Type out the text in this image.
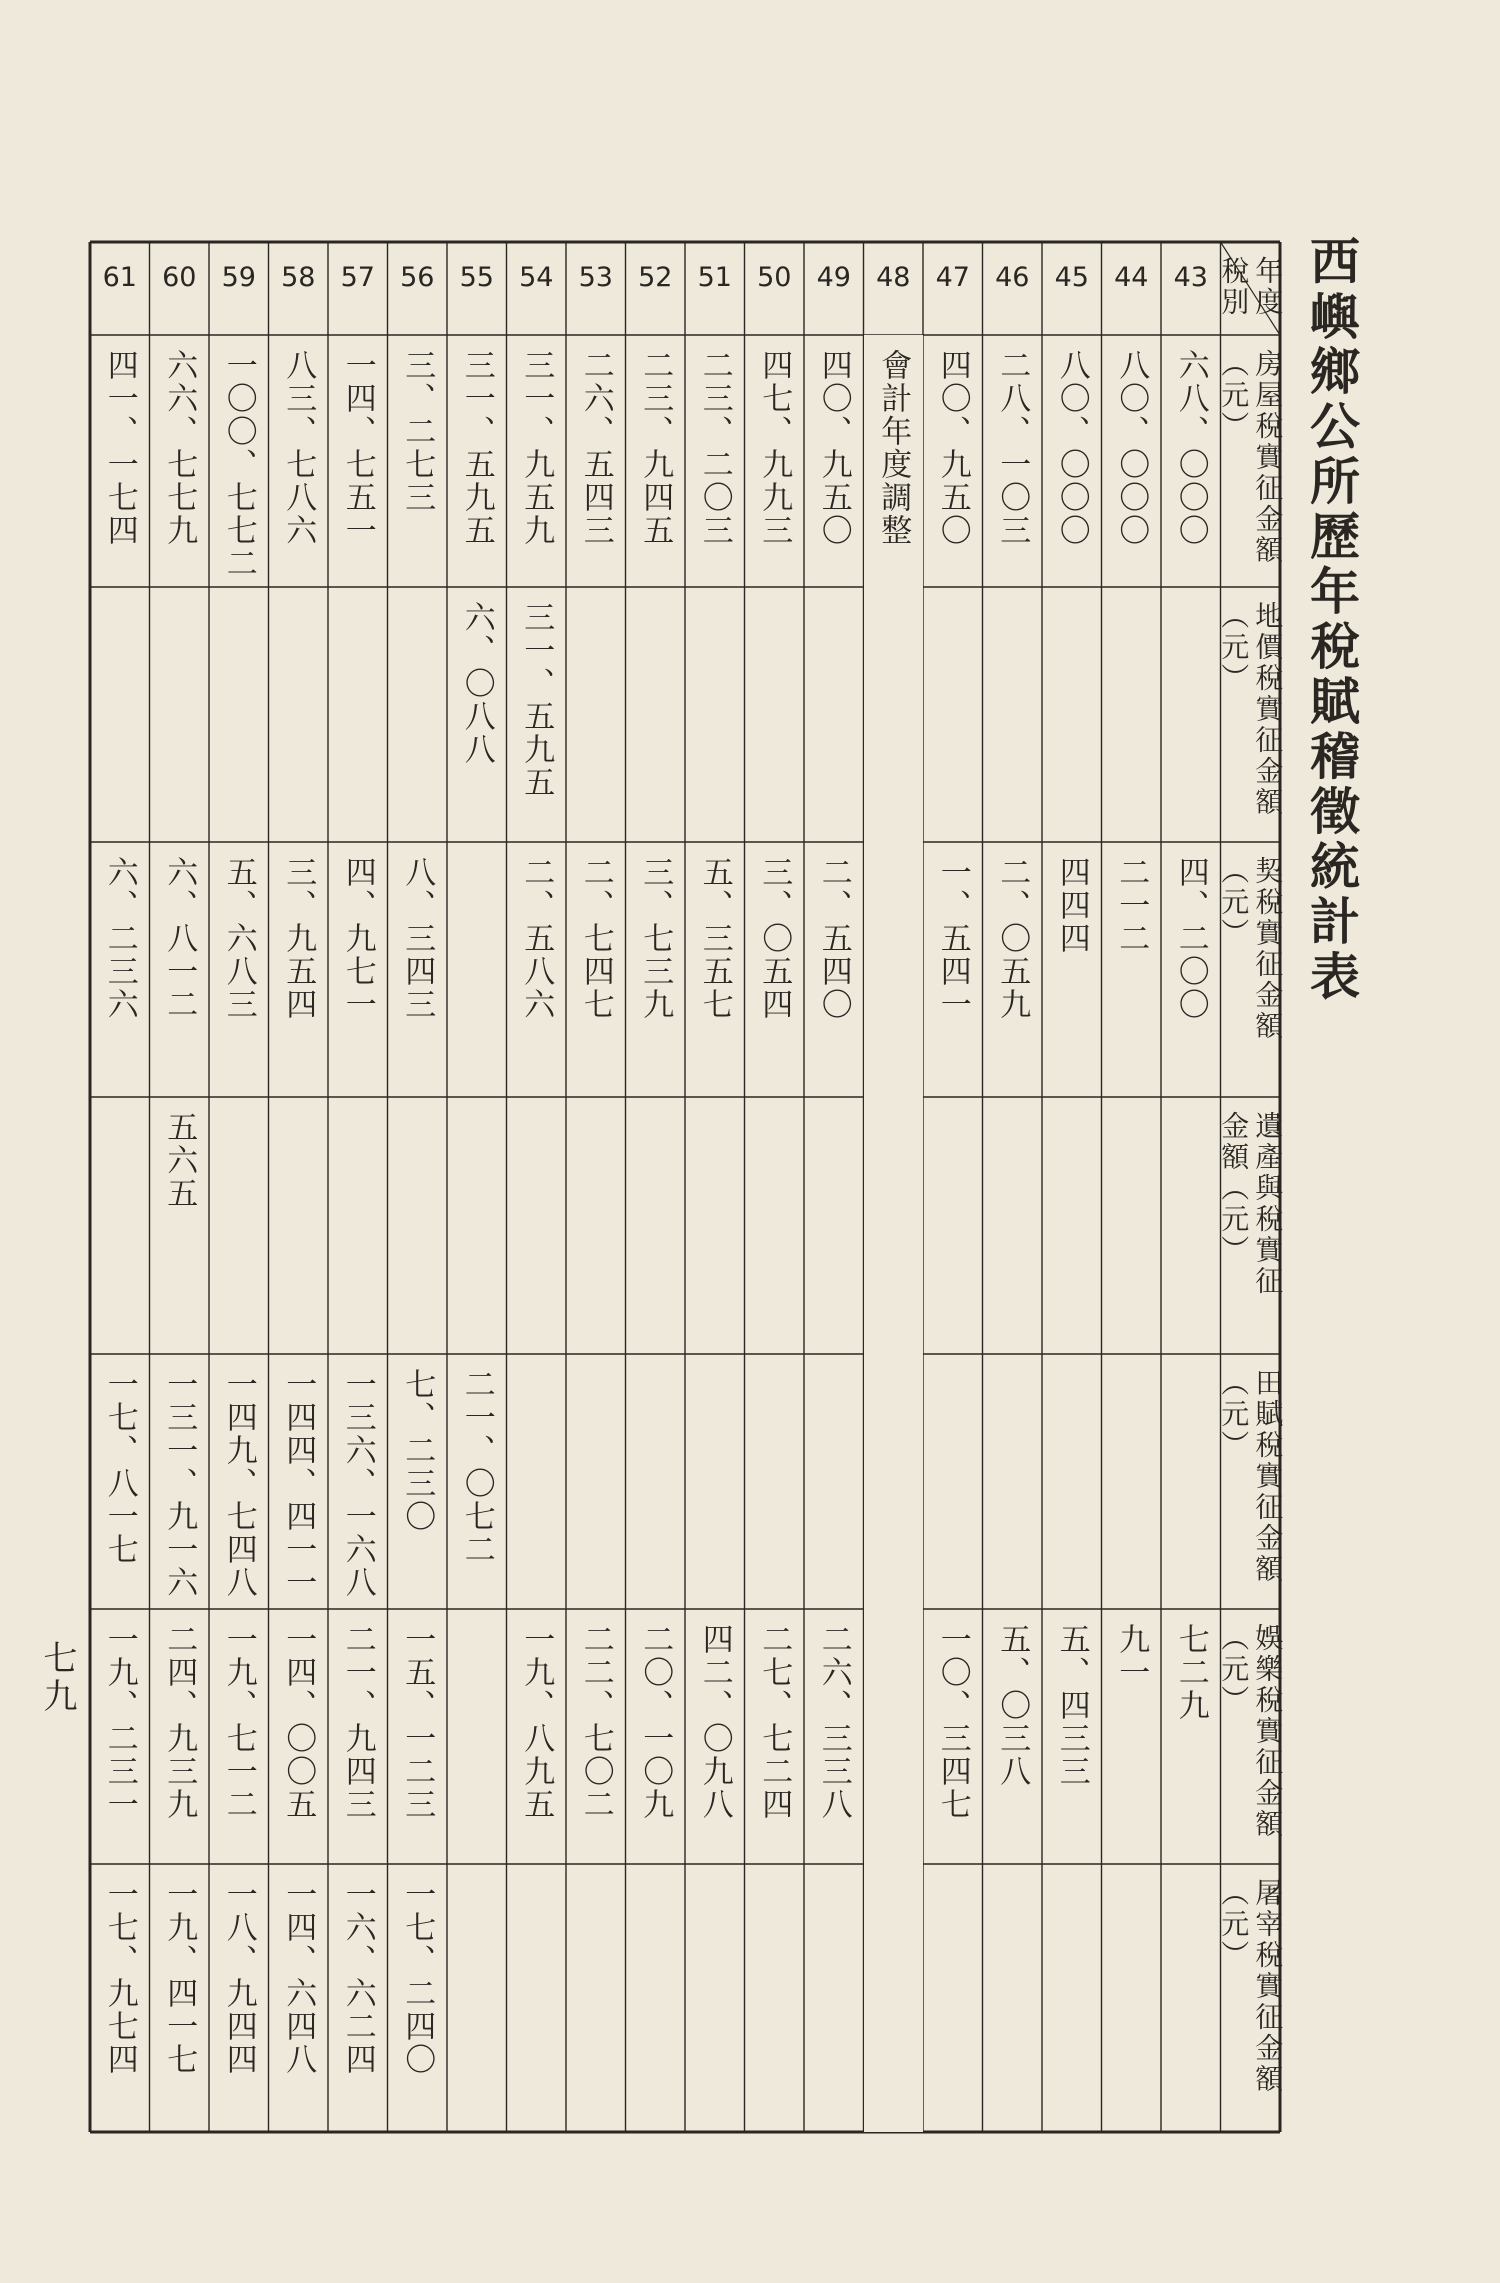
西嶼鄉公所歷年稅賦稽徵統計表
年度
稅別
房屋稅實征金額
（元）
地價稅實征金額
（元）
契稅實征金額
（元）
遺產與稅實征
金額（元）
田賦稅實征金額
（元）
娛樂稅實征金額
（元）
屠宰稅實征金額
（元）
43
六八、〇〇〇
四、二〇〇
七二九
44
八〇、〇〇〇
二一二
九一
45
八〇、〇〇〇
四四四
五、四三三
46
二八、一〇三
二、〇五九
五、〇三八
47
四〇、九五〇
一、五四一
一〇、三四七
48
會計年度調整
49
四〇、九五〇
二、五四〇
二六、三三八
50
四七、九九三
三、〇五四
二七、七二四
51
二三、二〇三
五、三五七
四二、〇九八
52
二三、九四五
三、七三九
二〇、一〇九
53
二六、五四三
二、七四七
二二、七〇二
54
三一、九五九
三一、五九五
二、五八六
一九、八九五
55
三一、五九五
六、〇八八
二一、〇七二
56
三、二七三
八、三四三
七、二三〇
一五、一二三
一七、二四〇
57
一四、七五一
四、九七一
一三六、一六八
二一、九四三
一六、六二四
58
八三、七八六
三、九五四
一四四、四一一
一四、〇〇五
一四、六四八
59
一〇〇、七七二
五、六八三
一四九、七四八
一九、七一二
一八、九四四
60
六六、七七九
六、八一二
五六五
一三一、九一六
二四、九三九
一九、四一七
61
四一、一七四
六、二三六
一七、八一七
一九、二三一
一七、九七四
七九
